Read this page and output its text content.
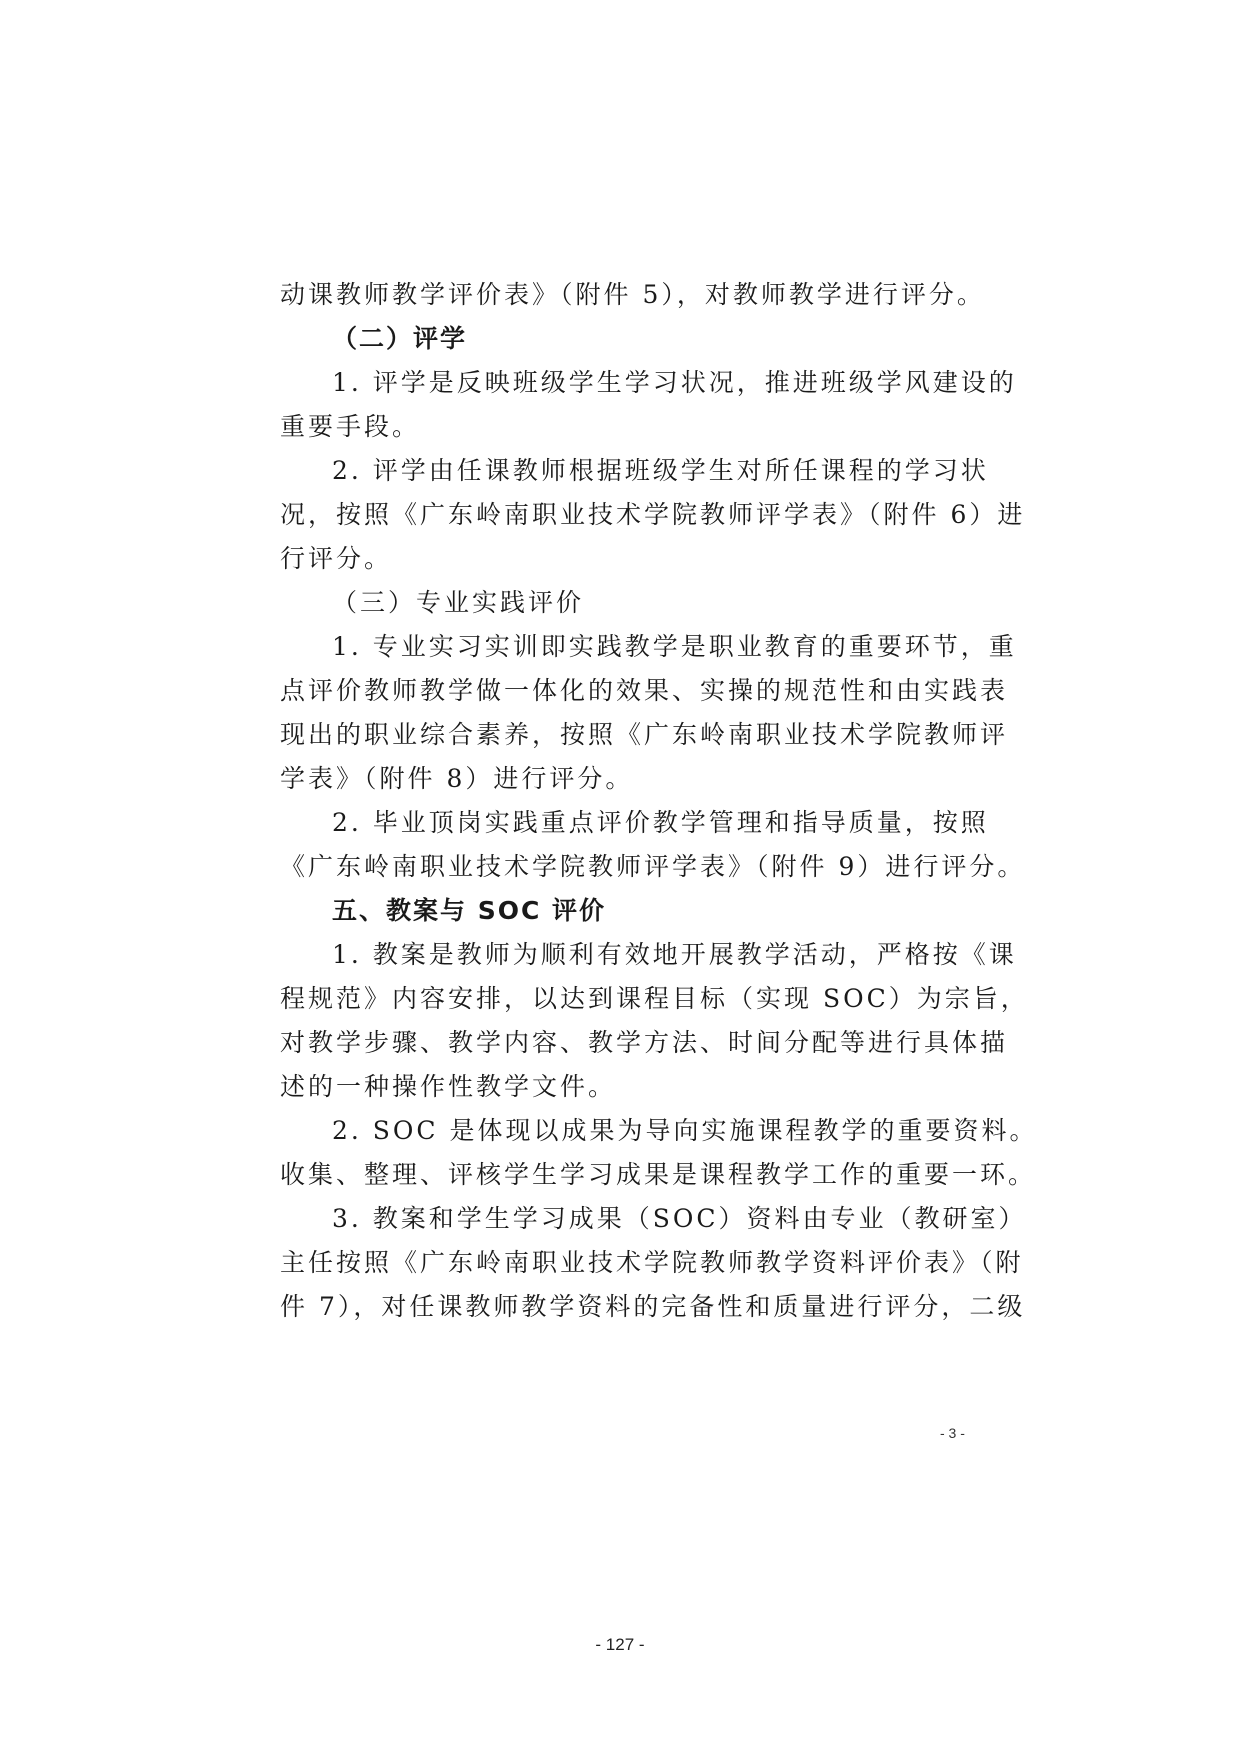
动课教师教学评价表》（附件 5），对教师教学进行评分。
（二）评学
1. 评学是反映班级学生学习状况，推进班级学风建设的
重要手段。
2. 评学由任课教师根据班级学生对所任课程的学习状
况，按照《广东岭南职业技术学院教师评学表》（附件 6）进
行评分。
（三）专业实践评价
1. 专业实习实训即实践教学是职业教育的重要环节，重
点评价教师教学做一体化的效果、实操的规范性和由实践表
现出的职业综合素养，按照《广东岭南职业技术学院教师评
学表》（附件 8）进行评分。
2. 毕业顶岗实践重点评价教学管理和指导质量，按照
《广东岭南职业技术学院教师评学表》（附件 9）进行评分。
五、教案与 SOC 评价
1. 教案是教师为顺利有效地开展教学活动，严格按《课
程规范》内容安排，以达到课程目标（实现 SOC）为宗旨，
对教学步骤、教学内容、教学方法、时间分配等进行具体描
述的一种操作性教学文件。
2. SOC 是体现以成果为导向实施课程教学的重要资料。
收集、整理、评核学生学习成果是课程教学工作的重要一环。
3. 教案和学生学习成果（SOC）资料由专业（教研室）
主任按照《广东岭南职业技术学院教师教学资料评价表》（附
件 7），对任课教师教学资料的完备性和质量进行评分，二级
- 3 -
- 127 -
